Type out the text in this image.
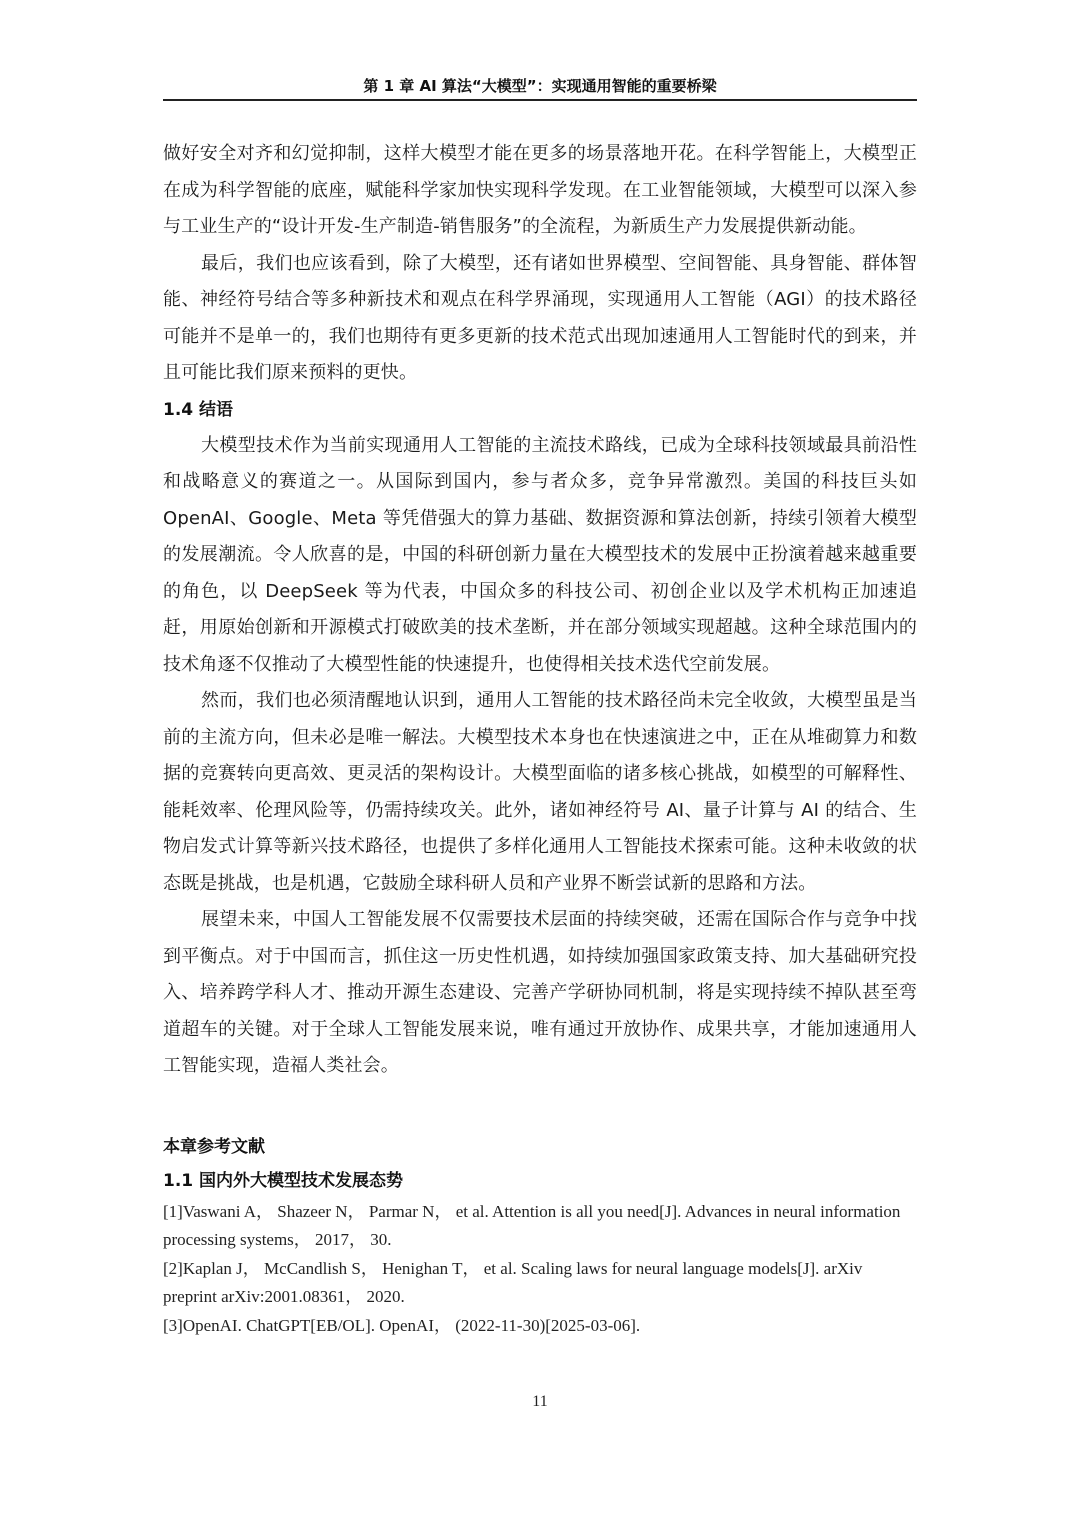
第 1 章 AI 算法“大模型”：实现通用智能的重要桥梁

做好安全对齐和幻觉抑制，这样大模型才能在更多的场景落地开花。在科学智能上，大模型正在成为科学智能的底座，赋能科学家加快实现科学发现。在工业智能领域，大模型可以深入参与工业生产的“设计开发-生产制造-销售服务”的全流程，为新质生产力发展提供新动能。

最后，我们也应该看到，除了大模型，还有诸如世界模型、空间智能、具身智能、群体智能、神经符号结合等多种新技术和观点在科学界涌现，实现通用人工智能（AGI）的技术路径可能并不是单一的，我们也期待有更多更新的技术范式出现加速通用人工智能时代的到来，并且可能比我们原来预料的更快。

1.4 结语

大模型技术作为当前实现通用人工智能的主流技术路线，已成为全球科技领域最具前沿性和战略意义的赛道之一。从国际到国内，参与者众多，竞争异常激烈。美国的科技巨头如 OpenAI、Google、Meta 等凭借强大的算力基础、数据资源和算法创新，持续引领着大模型的发展潮流。令人欣喜的是，中国的科研创新力量在大模型技术的发展中正扮演着越来越重要的角色，以 DeepSeek 等为代表，中国众多的科技公司、初创企业以及学术机构正加速追赶，用原始创新和开源模式打破欧美的技术垄断，并在部分领域实现超越。这种全球范围内的技术角逐不仅推动了大模型性能的快速提升，也使得相关技术迭代空前发展。

然而，我们也必须清醒地认识到，通用人工智能的技术路径尚未完全收敛，大模型虽是当前的主流方向，但未必是唯一解法。大模型技术本身也在快速演进之中，正在从堆砌算力和数据的竞赛转向更高效、更灵活的架构设计。大模型面临的诸多核心挑战，如模型的可解释性、能耗效率、伦理风险等，仍需持续攻关。此外，诸如神经符号 AI、量子计算与 AI 的结合、生物启发式计算等新兴技术路径，也提供了多样化通用人工智能技术探索可能。这种未收敛的状态既是挑战，也是机遇，它鼓励全球科研人员和产业界不断尝试新的思路和方法。

展望未来，中国人工智能发展不仅需要技术层面的持续突破，还需在国际合作与竞争中找到平衡点。对于中国而言，抓住这一历史性机遇，如持续加强国家政策支持、加大基础研究投入、培养跨学科人才、推动开源生态建设、完善产学研协同机制，将是实现持续不掉队甚至弯道超车的关键。对于全球人工智能发展来说，唯有通过开放协作、成果共享，才能加速通用人工智能实现，造福人类社会。

本章参考文献
1.1 国内外大模型技术发展态势

[1]Vaswani A， Shazeer N， Parmar N， et al. Attention is all you need[J]. Advances in neural information processing systems， 2017， 30.

[2]Kaplan J， McCandlish S， Henighan T， et al. Scaling laws for neural language models[J]. arXiv preprint arXiv:2001.08361， 2020.

[3]OpenAI. ChatGPT[EB/OL]. OpenAI， (2022-11-30)[2025-03-06].

11
